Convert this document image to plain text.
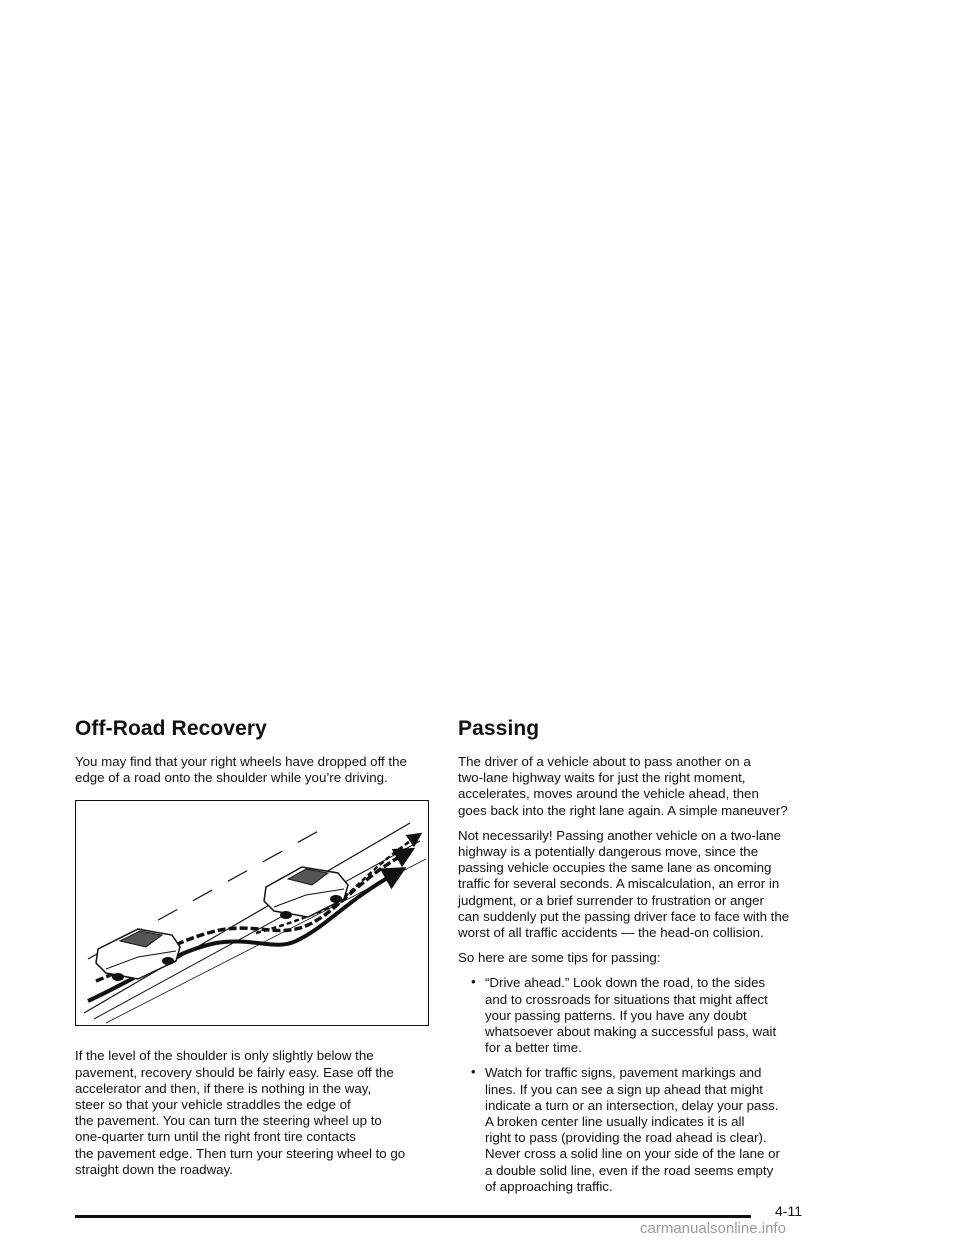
Off-Road Recovery

You may find that your right wheels have dropped off the
edge of a road onto the shoulder while you’re driving.

If the level of the shoulder is only slightly below the
pavement, recovery should be fairly easy. Ease off the
accelerator and then, if there is nothing in the way,
steer so that your vehicle straddles the edge of
the pavement. You can turn the steering wheel up to
one-quarter turn until the right front tire contacts
the pavement edge. Then turn your steering wheel to go
straight down the roadway.

Passing

The driver of a vehicle about to pass another on a
two-lane highway waits for just the right moment,
accelerates, moves around the vehicle ahead, then
goes back into the right lane again. A simple maneuver?

Not necessarily! Passing another vehicle on a two-lane
highway is a potentially dangerous move, since the
passing vehicle occupies the same lane as oncoming
traffic for several seconds. A miscalculation, an error in
judgment, or a brief surrender to frustration or anger
can suddenly put the passing driver face to face with the
worst of all traffic accidents — the head-on collision.

So here are some tips for passing:

• “Drive ahead.” Look down the road, to the sides
and to crossroads for situations that might affect
your passing patterns. If you have any doubt
whatsoever about making a successful pass, wait
for a better time.

• Watch for traffic signs, pavement markings and
lines. If you can see a sign up ahead that might
indicate a turn or an intersection, delay your pass.
A broken center line usually indicates it is all
right to pass (providing the road ahead is clear).
Never cross a solid line on your side of the lane or
a double solid line, even if the road seems empty
of approaching traffic.

4-11
carmanualsonline.info
